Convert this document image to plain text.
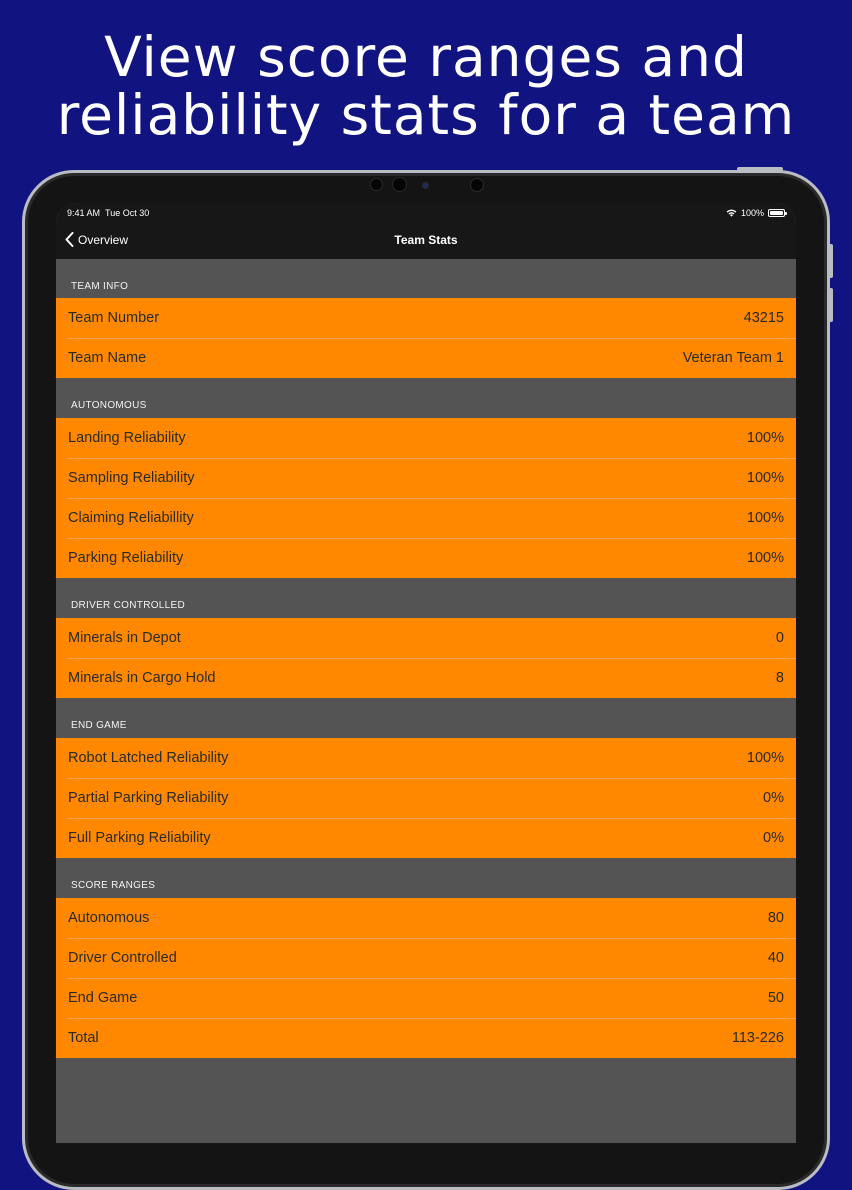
View score ranges and
reliability stats for a team
9:41 AM Tue Oct 30	100%
Overview	Team Stats
TEAM INFO
Team Number	43215
Team Name	Veteran Team 1
AUTONOMOUS
Landing Reliability	100%
Sampling Reliability	100%
Claiming Reliabillity	100%
Parking Reliability	100%
DRIVER CONTROLLED
Minerals in Depot	0
Minerals in Cargo Hold	8
END GAME
Robot Latched Reliability	100%
Partial Parking Reliability	0%
Full Parking Reliability	0%
SCORE RANGES
Autonomous	80
Driver Controlled	40
End Game	50
Total	113-226
